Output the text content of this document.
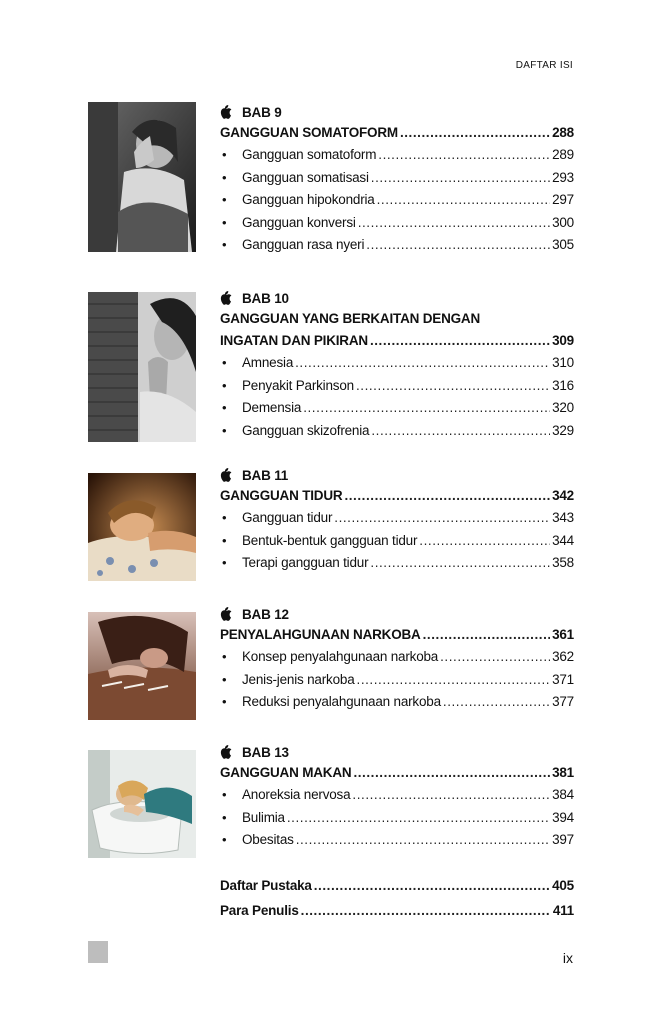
DAFTAR ISI
BAB 9
GANGGUAN SOMATOFORM . . .	288
•	Gangguan somatoform . . .	289
•	Gangguan somatisasi . . .	293
•	Gangguan hipokondria . . .	297
•	Gangguan konversi . . .	300
•	Gangguan rasa nyeri . . .	305
BAB 10
GANGGUAN YANG BERKAITAN DENGAN
INGATAN DAN PIKIRAN . . .	309
•	Amnesia . . .	310
•	Penyakit Parkinson . . .	316
•	Demensia . . .	320
•	Gangguan skizofrenia . . .	329
BAB 11
GANGGUAN TIDUR . . .	342
•	Gangguan tidur . . .	343
•	Bentuk-bentuk gangguan tidur . . .	344
•	Terapi gangguan tidur . . .	358
BAB 12
PENYALAHGUNAAN NARKOBA . . .	361
•	Konsep penyalahgunaan narkoba . . .	362
•	Jenis-jenis narkoba . . .	371
•	Reduksi penyalahgunaan narkoba . . .	377
BAB 13
GANGGUAN MAKAN . . .	381
•	Anoreksia nervosa . . .	384
•	Bulimia . . .	394
•	Obesitas . . .	397
Daftar Pustaka . . .	405
Para Penulis . . .	411
ix
